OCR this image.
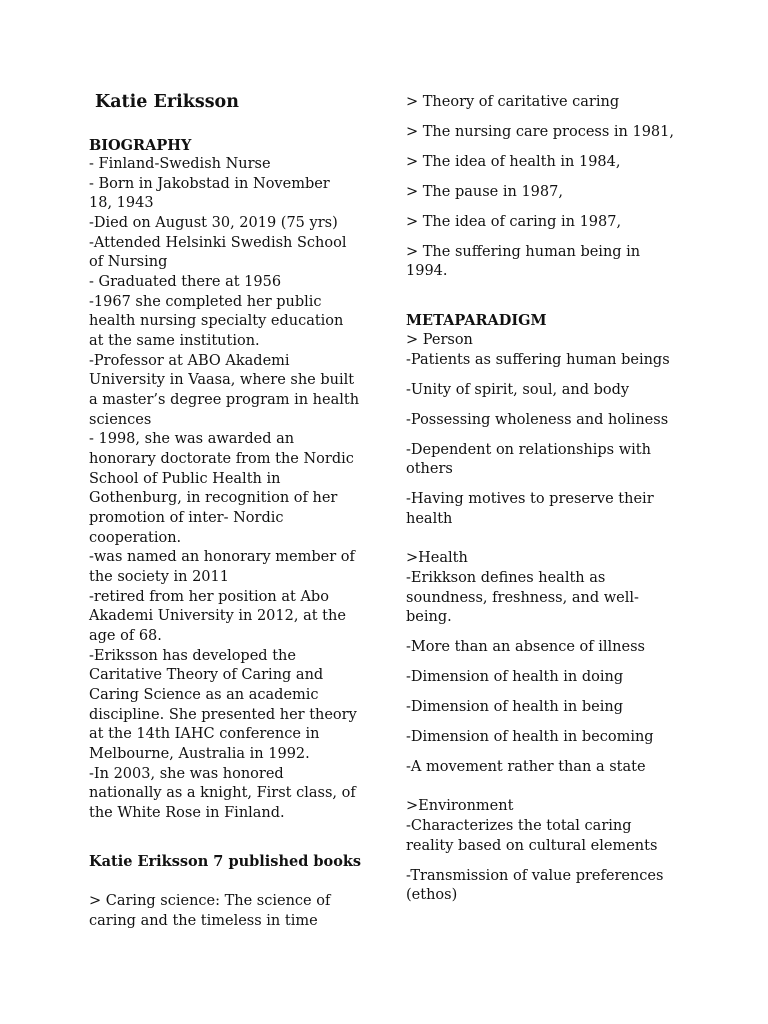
Katie Eriksson
BIOGRAPHY
- Finland-Swedish Nurse
- Born in Jakobstad in November
18, 1943
-Died on August 30, 2019 (75 yrs)
-Attended Helsinki Swedish School
of Nursing
- Graduated there at 1956
-1967 she completed her public
health nursing specialty education
at the same institution.
-Professor at ABO Akademi
University in Vaasa, where she built
a master’s degree program in health
sciences
- 1998, she was awarded an
honorary doctorate from the Nordic
School of Public Health in
Gothenburg, in recognition of her
promotion of inter- Nordic
cooperation.
-was named an honorary member of
the society in 2011
-retired from her position at Abo
Akademi University in 2012, at the
age of 68.
-Eriksson has developed the
Caritative Theory of Caring and
Caring Science as an academic
discipline. She presented her theory
at the 14th IAHC conference in
Melbourne, Australia in 1992.
-In 2003, she was honored
nationally as a knight, First class, of
the White Rose in Finland.
Katie Eriksson 7 published books
> Caring science: The science of
caring and the timeless in time
> Theory of caritative caring
> The nursing care process in 1981,
> The idea of health in 1984,
> The pause in 1987,
> The idea of caring in 1987,
> The suffering human being in
1994.
METAPARADIGM
> Person
-Patients as suffering human beings
-Unity of spirit, soul, and body
-Possessing wholeness and holiness
-Dependent on relationships with
others
-Having motives to preserve their
health
>Health
-Erikkson defines health as
soundness, freshness, and well-
being.
-More than an absence of illness
-Dimension of health in doing
-Dimension of health in being
-Dimension of health in becoming
-A movement rather than a state
>Environment
-Characterizes the total caring
reality based on cultural elements
-Transmission of value preferences
(ethos)
